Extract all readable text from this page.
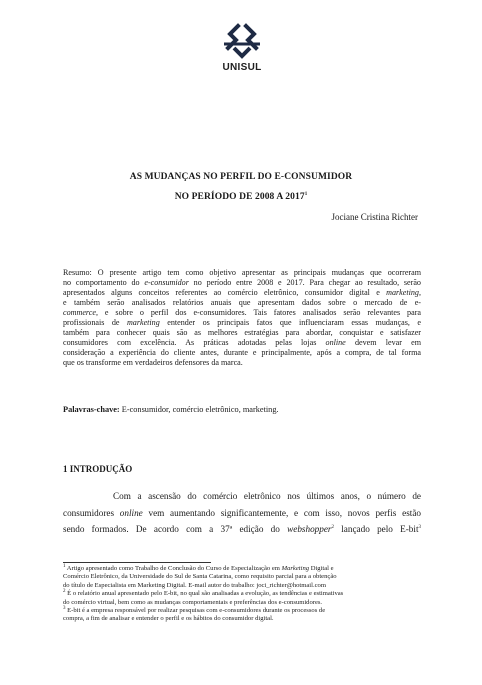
UNISUL
AS MUDANÇAS NO PERFIL DO E-CONSUMIDOR
NO PERÍODO DE 2008 A 2017$^1$
Jociane Cristina Richter
Resumo: O presente artigo tem como objetivo apresentar as principais mudanças que ocorreram
no comportamento do e-consumidor no período entre 2008 e 2017. Para chegar ao resultado, serão
apresentados alguns conceitos referentes ao comércio eletrônico, consumidor digital e marketing,
e também serão analisados relatórios anuais que apresentam dados sobre o mercado de e-
commerce, e sobre o perfil dos e-consumidores. Tais fatores analisados serão relevantes para
profissionais de marketing entender os principais fatos que influenciaram essas mudanças, e
também para conhecer quais são as melhores estratégias para abordar, conquistar e satisfazer
consumidores com excelência. As práticas adotadas pelas lojas online devem levar em
consideração a experiência do cliente antes, durante e principalmente, após a compra, de tal forma
que os transforme em verdadeiros defensores da marca.
Palavras-chave: E-consumidor, comércio eletrônico, marketing.
1 INTRODUÇÃO
Com a ascensão do comércio eletrônico nos últimos anos, o número de
consumidores online vem aumentando significantemente, e com isso, novos perfis estão
sendo formados. De acordo com a 37ª edição do webshopper$^2$ lançado pelo E-bit$^3$
$^1$ Artigo apresentado como Trabalho de Conclusão do Curso de Especialização em Marketing Digital e
Comércio Eletrônico, da Universidade do Sul de Santa Catarina, como requisito parcial para a obtenção
do título de Especialista em Marketing Digital. E-mail autor do trabalho: joci_richter@hotmail.com
$^2$ É o relatório anual apresentado pelo E-bit, no qual são analisadas a evolução, as tendências e estimativas
do comércio virtual, bem como as mudanças comportamentais e preferências dos e-consumidores.
$^3$ E-bit é a empresa responsável por realizar pesquisas com e-consumidores durante os processos de
compra, a fim de analisar e entender o perfil e os hábitos do consumidor digital.
